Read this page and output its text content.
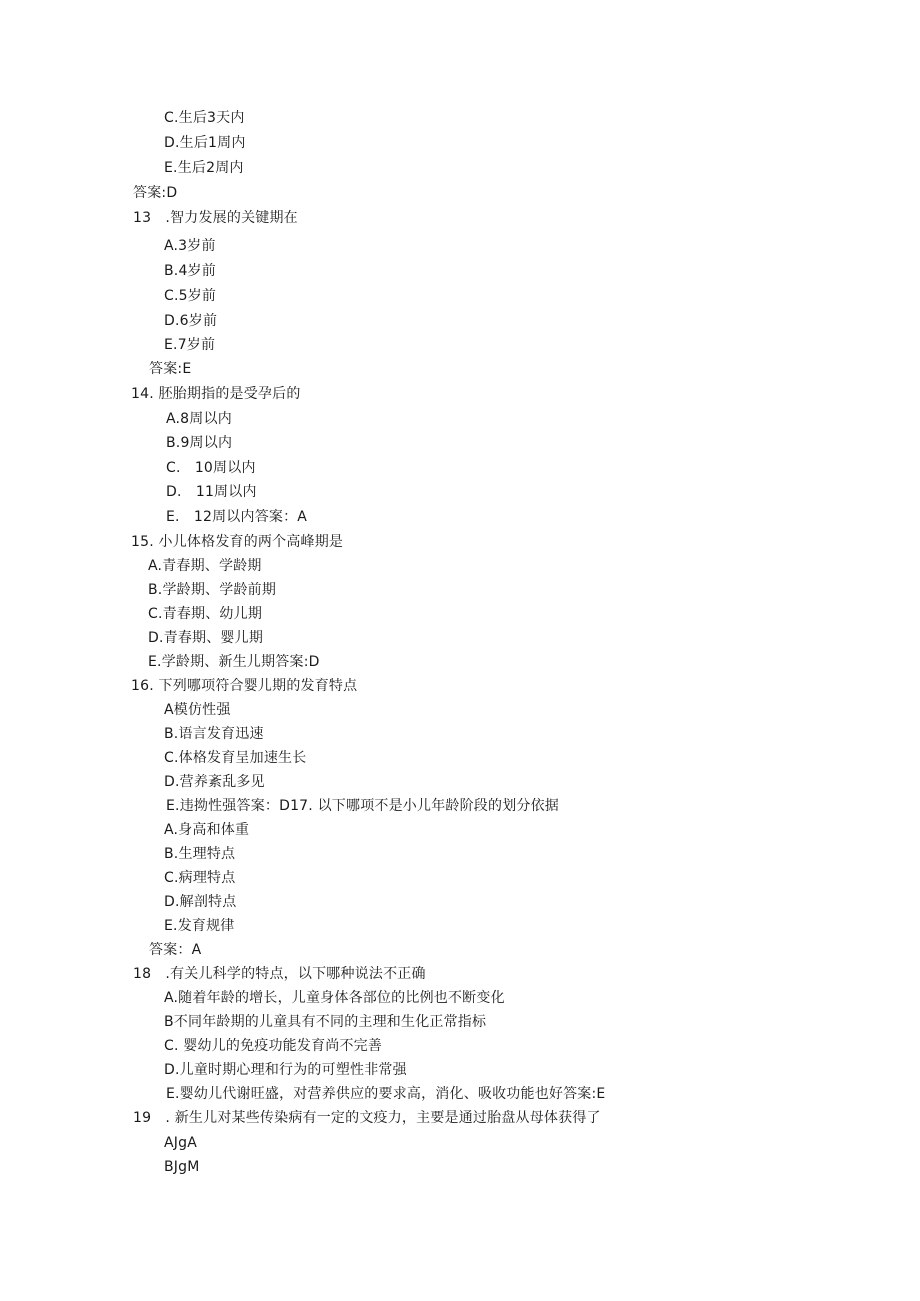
C.生后3天内
D.生后1周内
E.生后2周内
答案:D
13　.智力发展的关键期在
A.3岁前
B.4岁前
C.5岁前
D.6岁前
E.7岁前
答案:E
14. 胚胎期指的是受孕后的
A.8周以内
B.9周以内
C.　10周以内
D.　11周以内
E.　12周以内答案：A
15. 小儿体格发育的两个高峰期是
A.青春期、学龄期
B.学龄期、学龄前期
C.青春期、幼儿期
D.青春期、婴儿期
E.学龄期、新生儿期答案:D
16. 下列哪项符合婴儿期的发育特点
A模仿性强
B.语言发育迅速
C.体格发育呈加速生长
D.营养紊乱多见
E.违拗性强答案：D17. 以下哪项不是小儿年龄阶段的划分依据
A.身高和体重
B.生理特点
C.病理特点
D.解剖特点
E.发育规律
答案：A
18　.有关儿科学的特点，以下哪种说法不正确
A.随着年龄的增长，儿童身体各部位的比例也不断变化
B不同年龄期的儿童具有不同的主理和生化正常指标
C. 婴幼儿的免疫功能发育尚不完善
D.儿童时期心理和行为的可塑性非常强
E.婴幼儿代谢旺盛，对营养供应的要求高，消化、吸收功能也好答案:E
19　. 新生儿对某些传染病有一定的文疫力，主要是通过胎盘从母体获得了
AJgA
BJgM
